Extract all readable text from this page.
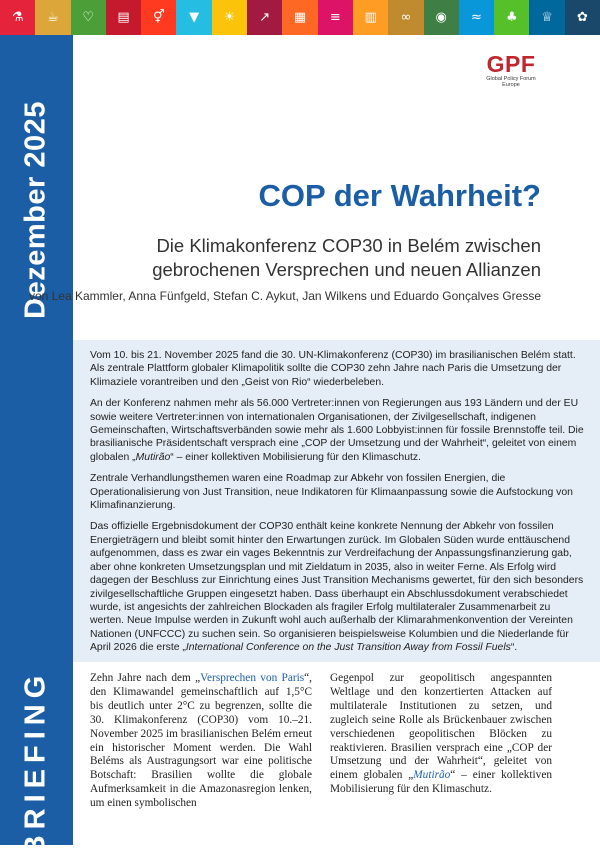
⚗	☕	♡	▤	⚥	▼	☀	↗	▦	≡	▥	∞	◉	≈	♣	♕	✿
Dezember 2025
BRIEFING
GPF
Global Policy Forum
Europe
COP der Wahrheit?
Die Klimakonferenz COP30 in Belém zwischen gebrochenen Versprechen und neuen Allianzen
von Lea Kammler, Anna Fünfgeld, Stefan C. Aykut, Jan Wilkens und Eduardo Gonçalves Gresse

Vom 10. bis 21. November 2025 fand die 30. UN-Klimakonferenz (COP30) im brasilianischen Belém statt. Als zentrale Plattform globaler Klimapolitik sollte die COP30 zehn Jahre nach Paris die Umsetzung der Klimaziele vorantreiben und den „Geist von Rio“ wiederbeleben.

An der Konferenz nahmen mehr als 56.000 Vertreter:innen von Regierungen aus 193 Ländern und der EU sowie weitere Vertreter:innen von internationalen Organisationen, der Zivilgesellschaft, indigenen Gemeinschaften, Wirtschaftsverbänden sowie mehr als 1.600 Lobbyist:innen für fossile Brennstoffe teil. Die brasilianische Präsidentschaft versprach eine „COP der Umsetzung und der Wahrheit“, geleitet von einem globalen „Mutirão“ – einer kollektiven Mobilisierung für den Klimaschutz.

Zentrale Verhandlungsthemen waren eine Roadmap zur Abkehr von fossilen Energien, die Operationalisierung von Just Transition, neue Indikatoren für Klimaanpassung sowie die Aufstockung von Klimafinanzierung.

Das offizielle Ergebnisdokument der COP30 enthält keine konkrete Nennung der Abkehr von fossilen Energieträgern und bleibt somit hinter den Erwartungen zurück. Im Globalen Süden wurde enttäuschend aufgenommen, dass es zwar ein vages Bekenntnis zur Verdreifachung der Anpassungsfinanzierung gab, aber ohne konkreten Umsetzungsplan und mit Zieldatum in 2035, also in weiter Ferne. Als Erfolg wird dagegen der Beschluss zur Einrichtung eines Just Transition Mechanisms gewertet, für den sich besonders zivilgesellschaftliche Gruppen eingesetzt haben. Dass überhaupt ein Abschlussdokument verabschiedet wurde, ist angesichts der zahlreichen Blockaden als fragiler Erfolg multilateraler Zusammenarbeit zu werten. Neue Impulse werden in Zukunft wohl auch außerhalb der Klimarahmenkonvention der Vereinten Nationen (UNFCCC) zu suchen sein. So organisieren beispielsweise Kolumbien und die Niederlande für April 2026 die erste „International Conference on the Just Transition Away from Fossil Fuels“.

Zehn Jahre nach dem „Versprechen von Paris“, den Klimawandel gemeinschaftlich auf 1,5°C bis deutlich unter 2°C zu begrenzen, sollte die 30. Klimakonferenz (COP30) vom 10.–21. November 2025 im brasilianischen Belém erneut ein historischer Moment werden. Die Wahl Beléms als Austragungsort war eine politische Botschaft: Brasilien wollte die globale Aufmerksamkeit in die Amazonasregion lenken, um einen symbolischen

Gegenpol zur geopolitisch angespannten Weltlage und den konzertierten Attacken auf multilaterale Institutionen zu setzen, und zugleich seine Rolle als Brückenbauer zwischen verschiedenen geopolitischen Blöcken zu reaktivieren. Brasilien versprach eine „COP der Umsetzung und der Wahrheit“, geleitet von einem globalen „Mutirão“ – einer kollektiven Mobilisierung für den Klimaschutz.
